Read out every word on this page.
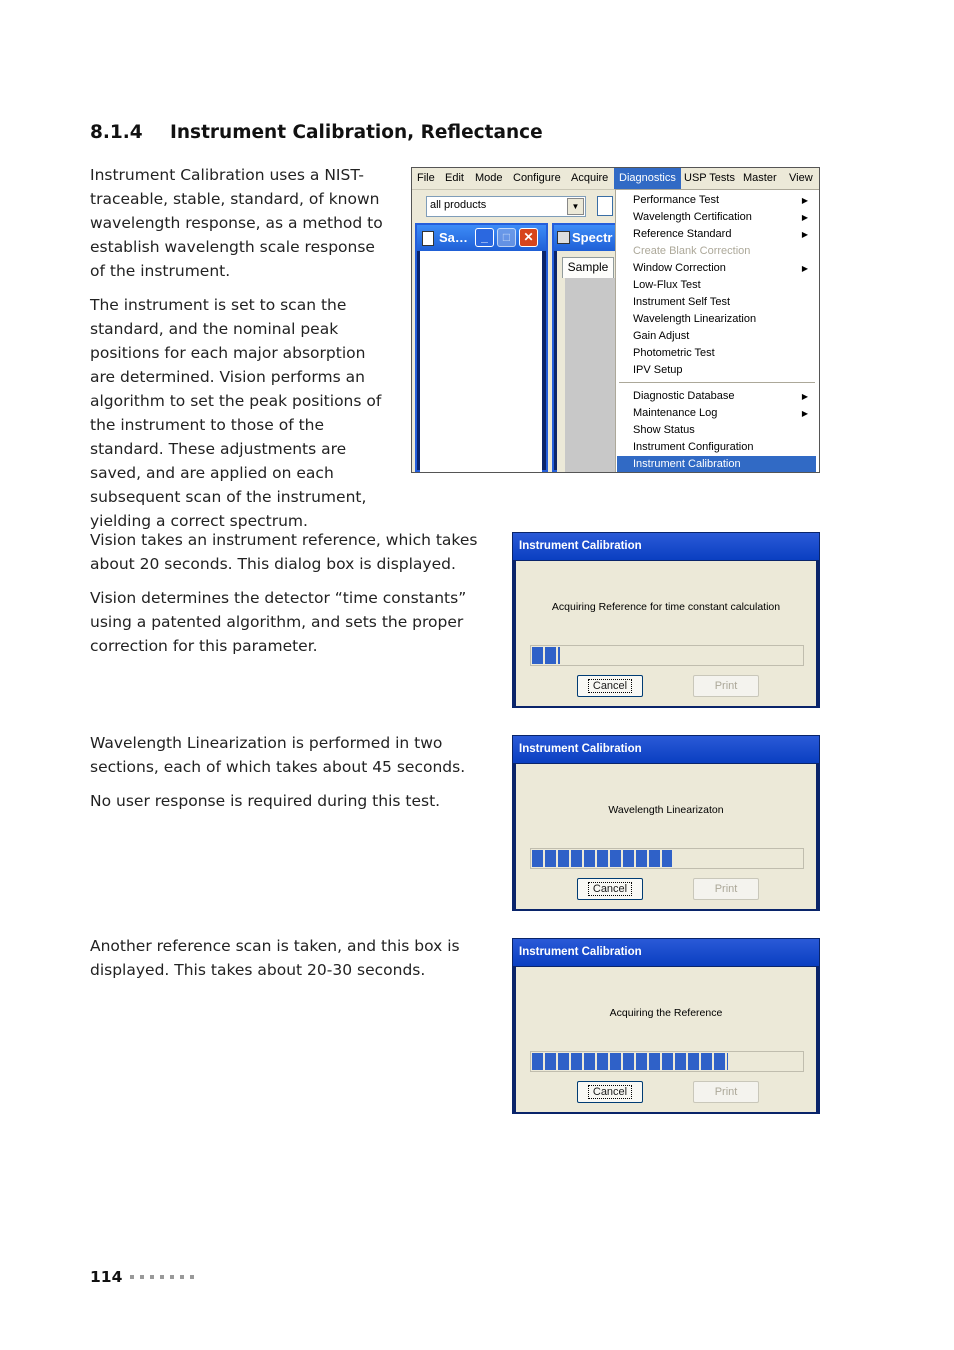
8.1.4 Instrument Calibration, Reflectance

Instrument Calibration uses a NIST-traceable, stable, standard, of known wavelength response, as a method to establish wavelength scale response of the instrument.

The instrument is set to scan the standard, and the nominal peak positions for each major absorption are determined. Vision performs an algorithm to set the peak positions of the instrument to those of the standard. These adjustments are saved, and are applied on each subsequent scan of the instrument, yielding a correct spectrum.

Vision takes an instrument reference, which takes about 20 seconds. This dialog box is displayed.

Vision determines the detector “time constants” using a patented algorithm, and sets the proper correction for this parameter.

Wavelength Linearization is performed in two sections, each of which takes about 45 seconds.

No user response is required during this test.

Another reference scan is taken, and this box is displayed. This takes about 20-30 seconds.

File Edit	Mode Configure Acquire Diagnostics USP Tests Master	View
all products	▼
Sa…	_	□	✕	Spectr
Sample
Performance Test	▶
Wavelength Certification	▶
Reference Standard	▶
Create Blank Correction
Window Correction	▶
Low-Flux Test
Instrument Self Test
Wavelength Linearization
Gain Adjust
Photometric Test
IPV Setup
Diagnostic Database	▶
Maintenance Log	▶
Show Status
Instrument Configuration
Instrument Calibration
Instrument Calibration
Acquiring Reference for time constant calculation
Cancel	Print
Instrument Calibration
Wavelength Linearizaton
Cancel	Print
Instrument Calibration
Acquiring the Reference
Cancel	Print
114
